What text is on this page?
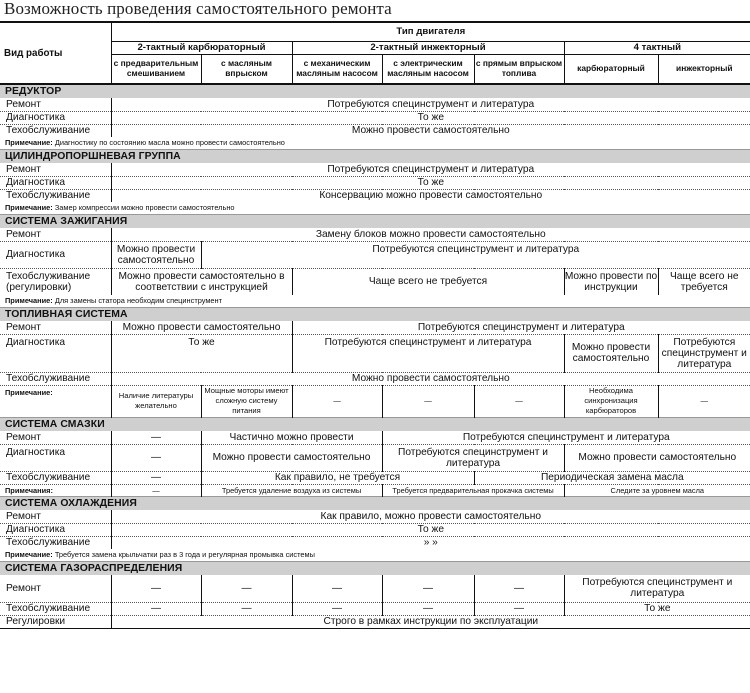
Возможность проведения самостоятельного ремонта
Вид работы	Тип двигателя						
	2-тактный карбюраторный		2-тактный инжекторный			4 тактный	
	с предварительным смешиванием	с масляным впрыском	с механическим масляным насосом	с электрическим масляным насосом	с прямым впрыском топлива	карбюраторный	инжекторный
РЕДУКТОР							
Ремонт	Потребуются специнструмент и литература						
Диагностика	То же						
Техобслуживание	Можно провести самостоятельно						
Примечание: Диагностику по состоянию масла можно провести самостоятельно							
ЦИЛИНДРОПОРШНЕВАЯ ГРУППА							
Ремонт	Потребуются специнструмент и литература						
Диагностика	То же						
Техобслуживание	Консервацию можно провести самостоятельно						
Примечание: Замер компрессии можно провести самостоятельно							
СИСТЕМА ЗАЖИГАНИЯ							
Ремонт	Замену блоков можно провести самостоятельно						
Диагностика	Можно провести самостоятельно	Потребуются специнструмент и литература					
Техобслуживание (регулировки)	Можно провести самостоятельно в соответствии с инструкцией		Чаще всего не требуется			Можно провести по инструкции	Чаще всего не требуется
Примечание: Для замены статора необходим специнструмент							
ТОПЛИВНАЯ СИСТЕМА							
Ремонт	Можно провести самостоятельно		Потребуются специнструмент и литература				
Диагностика	То же		Потребуются специнструмент и литература			Можно провести самостоятельно	Потребуются специнструмент и литература
Техобслуживание	Можно провести самостоятельно						
Примечание:	Наличие литературы желательно	Мощные моторы имеют сложную систему питания	—	—	—	Необходима синхронизация карбюраторов	—
СИСТЕМА СМАЗКИ							
Ремонт	—	Частично можно провести		Потребуются специнструмент и литература			
Диагностика	—	Можно провести самостоятельно		Потребуются специнструмент и литература		Можно провести самостоятельно	
Техобслуживание	—	Как правило, не требуется			Периодическая замена масла		
Примечания:	—	Требуется удаление воздуха из системы		Требуется предварительная прокачка системы		Следите за уровнем масла	
СИСТЕМА ОХЛАЖДЕНИЯ							
Ремонт	Как правило, можно провести самостоятельно						
Диагностика	То же						
Техобслуживание	» »						
Примечание: Требуется замена крыльчатки раз в 3 года и регулярная промывка системы							
СИСТЕМА ГАЗОРАСПРЕДЕЛЕНИЯ							
Ремонт	—	—	—	—	—	Потребуются специнструмент и литература	
Техобслуживание	—	—	—	—	—	То же	
Регулировки	Строго в рамках инструкции по эксплуатации						
